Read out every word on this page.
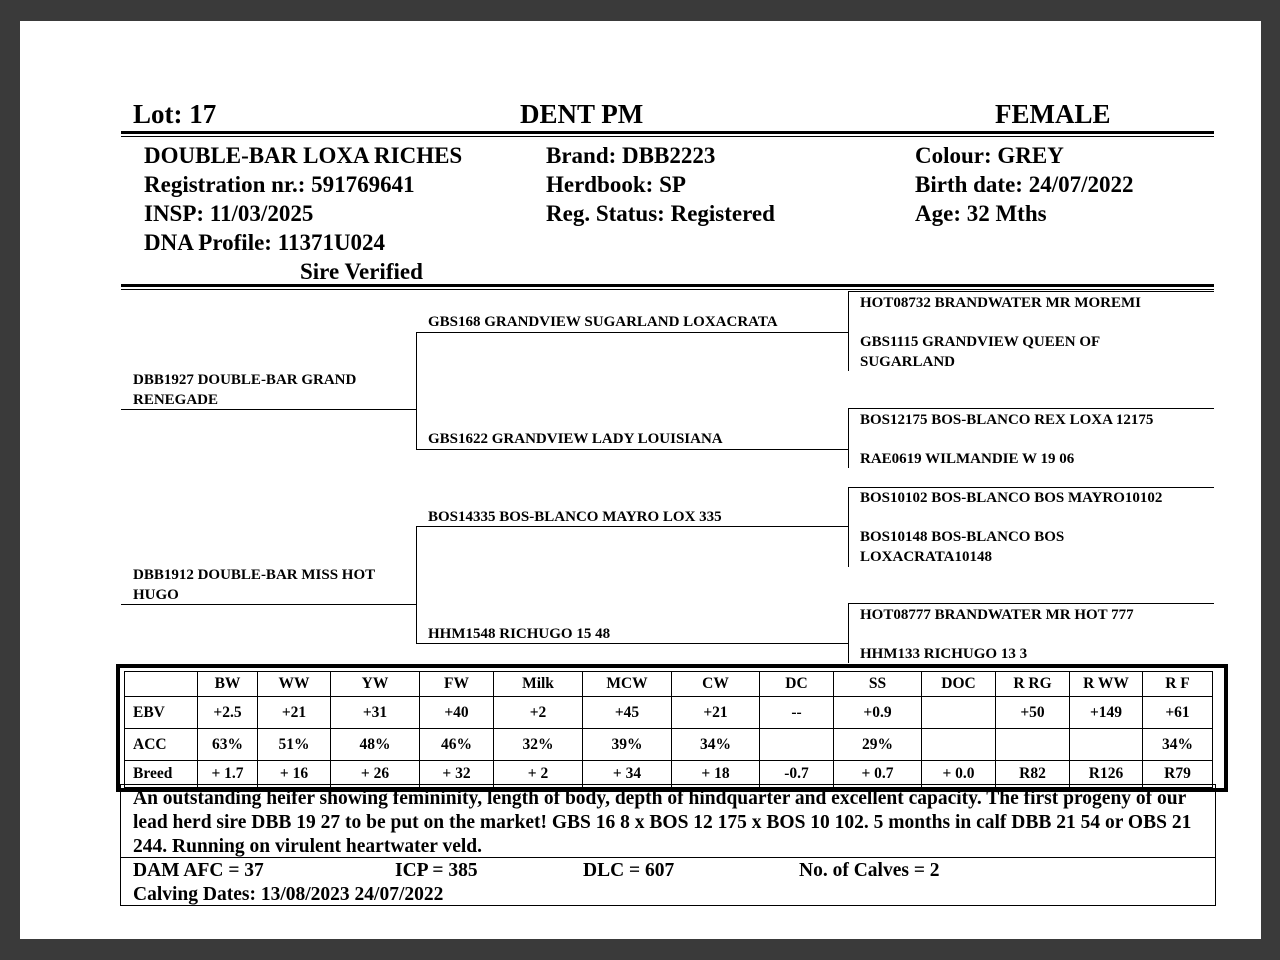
Lot: 17	DENT PM	FEMALE
DOUBLE-BAR LOXA RICHES
Registration nr.: 591769641
INSP: 11/03/2025
DNA Profile: 11371U024
Sire Verified
Brand: DBB2223
Herdbook: SP
Reg. Status: Registered
Colour: GREY
Birth date: 24/07/2022
Age: 32 Mths
DBB1927 DOUBLE-BAR GRAND RENEGADE
DBB1912 DOUBLE-BAR MISS HOT HUGO
GBS168 GRANDVIEW SUGARLAND LOXACRATA
GBS1622 GRANDVIEW LADY LOUISIANA
BOS14335 BOS-BLANCO MAYRO LOX 335
HHM1548 RICHUGO 15 48
HOT08732 BRANDWATER MR MOREMI
GBS1115 GRANDVIEW QUEEN OF SUGARLAND
BOS12175 BOS-BLANCO REX LOXA 12175
RAE0619 WILMANDIE W 19 06
BOS10102 BOS-BLANCO BOS MAYRO10102
BOS10148 BOS-BLANCO BOS LOXACRATA10148
HOT08777 BRANDWATER MR HOT 777
HHM133 RICHUGO 13 3
	BW	WW	YW	FW	Milk	MCW	CW	DC	SS	DOC	R RG	R WW	R F
EBV	+2.5	+21	+31	+40	+2	+45	+21	--	+0.9		+50	+149	+61
ACC	63%	51%	48%	46%	32%	39%	34%		29%				34%
Breed	+ 1.7	+ 16	+ 26	+ 32	+ 2	+ 34	+ 18	-0.7	+ 0.7	+ 0.0	R82	R126	R79
An outstanding heifer showing femininity, length of body, depth of hindquarter and excellent capacity. The first progeny of our lead herd sire DBB 19 27 to be put on the market! GBS 16 8 x BOS 12 175 x BOS 10 102. 5 months in calf DBB 21 54 or OBS 21 244. Running on virulent heartwater veld.
DAM AFC = 37	ICP = 385	DLC = 607	No. of Calves = 2
Calving Dates: 13/08/2023 24/07/2022
